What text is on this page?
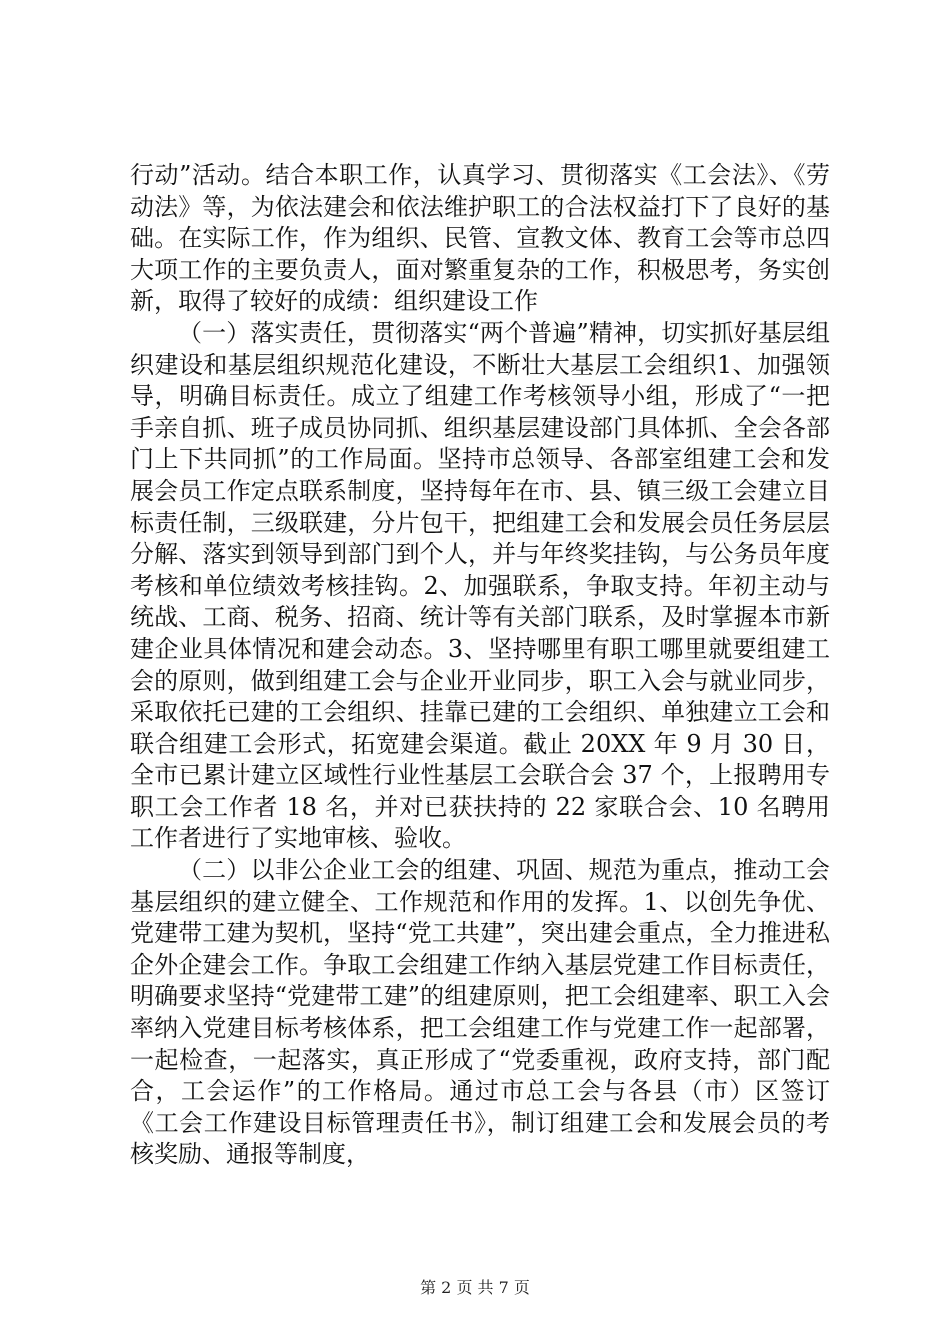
行动”活动。结合本职工作，认真学习、贯彻落实《工会法》、《劳动法》等，为依法建会和依法维护职工的合法权益打下了良好的基础。在实际工作，作为组织、民管、宣教文体、教育工会等市总四大项工作的主要负责人，面对繁重复杂的工作，积极思考，务实创新，取得了较好的成绩：组织建设工作

（一）落实责任，贯彻落实“两个普遍”精神，切实抓好基层组织建设和基层组织规范化建设，不断壮大基层工会组织1、加强领导，明确目标责任。成立了组建工作考核领导小组，形成了“一把手亲自抓、班子成员协同抓、组织基层建设部门具体抓、全会各部门上下共同抓”的工作局面。坚持市总领导、各部室组建工会和发展会员工作定点联系制度，坚持每年在市、县、镇三级工会建立目标责任制，三级联建，分片包干，把组建工会和发展会员任务层层分解、落实到领导到部门到个人，并与年终奖挂钩，与公务员年度考核和单位绩效考核挂钩。2、加强联系，争取支持。年初主动与统战、工商、税务、招商、统计等有关部门联系，及时掌握本市新建企业具体情况和建会动态。3、坚持哪里有职工哪里就要组建工会的原则，做到组建工会与企业开业同步，职工入会与就业同步，采取依托已建的工会组织、挂靠已建的工会组织、单独建立工会和联合组建工会形式，拓宽建会渠道。截止 20XX 年 9 月 30 日，全市已累计建立区域性行业性基层工会联合会 37 个，上报聘用专职工会工作者 18 名，并对已获扶持的 22 家联合会、10 名聘用工作者进行了实地审核、验收。

（二）以非公企业工会的组建、巩固、规范为重点，推动工会基层组织的建立健全、工作规范和作用的发挥。1、以创先争优、党建带工建为契机，坚持“党工共建”，突出建会重点，全力推进私企外企建会工作。争取工会组建工作纳入基层党建工作目标责任，明确要求坚持“党建带工建”的组建原则，把工会组建率、职工入会率纳入党建目标考核体系，把工会组建工作与党建工作一起部署，一起检查，一起落实，真正形成了“党委重视，政府支持，部门配合，工会运作”的工作格局。通过市总工会与各县（市）区签订《工会工作建设目标管理责任书》，制订组建工会和发展会员的考核奖励、通报等制度，

第 2 页 共 7 页
